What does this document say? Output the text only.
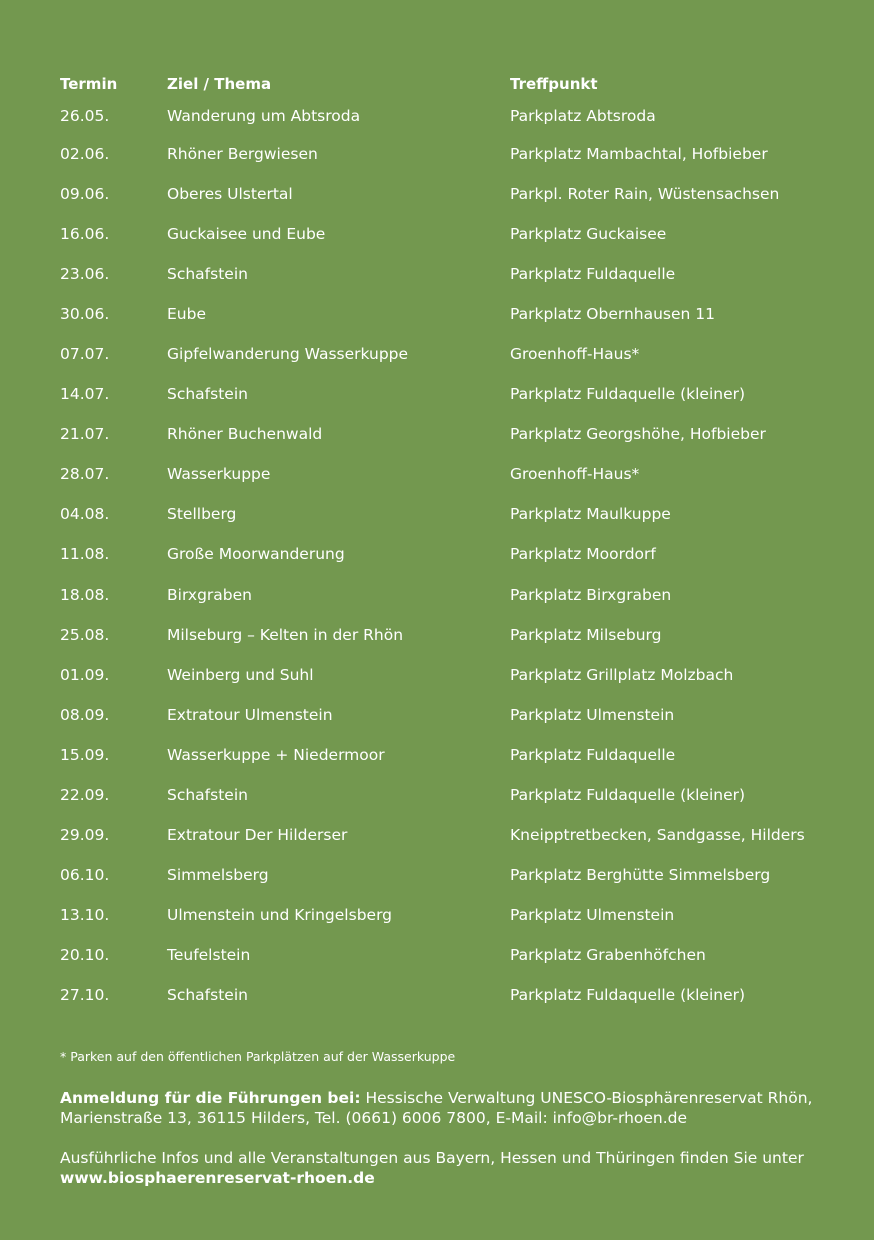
Termin	Ziel / Thema	Treffpunkt
26.05.	Wanderung um Abtsroda	Parkplatz Abtsroda
02.06.	Rhöner Bergwiesen	Parkplatz Mambachtal, Hofbieber
09.06.	Oberes Ulstertal	Parkpl. Roter Rain, Wüstensachsen
16.06.	Guckaisee und Eube	Parkplatz Guckaisee
23.06.	Schafstein	Parkplatz Fuldaquelle
30.06.	Eube	Parkplatz Obernhausen 11
07.07.	Gipfelwanderung Wasserkuppe	Groenhoff-Haus*
14.07.	Schafstein	Parkplatz Fuldaquelle (kleiner)
21.07.	Rhöner Buchenwald	Parkplatz Georgshöhe, Hofbieber
28.07.	Wasserkuppe	Groenhoff-Haus*
04.08.	Stellberg	Parkplatz Maulkuppe
11.08.	Große Moorwanderung	Parkplatz Moordorf
18.08.	Birxgraben	Parkplatz Birxgraben
25.08.	Milseburg – Kelten in der Rhön	Parkplatz Milseburg
01.09.	Weinberg und Suhl	Parkplatz Grillplatz Molzbach
08.09.	Extratour Ulmenstein	Parkplatz Ulmenstein
15.09.	Wasserkuppe + Niedermoor	Parkplatz Fuldaquelle
22.09.	Schafstein	Parkplatz Fuldaquelle (kleiner)
29.09.	Extratour Der Hilderser	Kneipptretbecken, Sandgasse, Hilders
06.10.	Simmelsberg	Parkplatz Berghütte Simmelsberg
13.10.	Ulmenstein und Kringelsberg	Parkplatz Ulmenstein
20.10.	Teufelstein	Parkplatz Grabenhöfchen
27.10.	Schafstein	Parkplatz Fuldaquelle (kleiner)
* Parken auf den öffentlichen Parkplätzen auf der Wasserkuppe
Anmeldung für die Führungen bei: Hessische Verwaltung UNESCO-Biosphärenreservat Rhön, Marienstraße 13, 36115 Hilders, Tel. (0661) 6006 7800, E-Mail: info@br-rhoen.de
Ausführliche Infos und alle Veranstaltungen aus Bayern, Hessen und Thüringen finden Sie unter
www.biosphaerenreservat-rhoen.de
